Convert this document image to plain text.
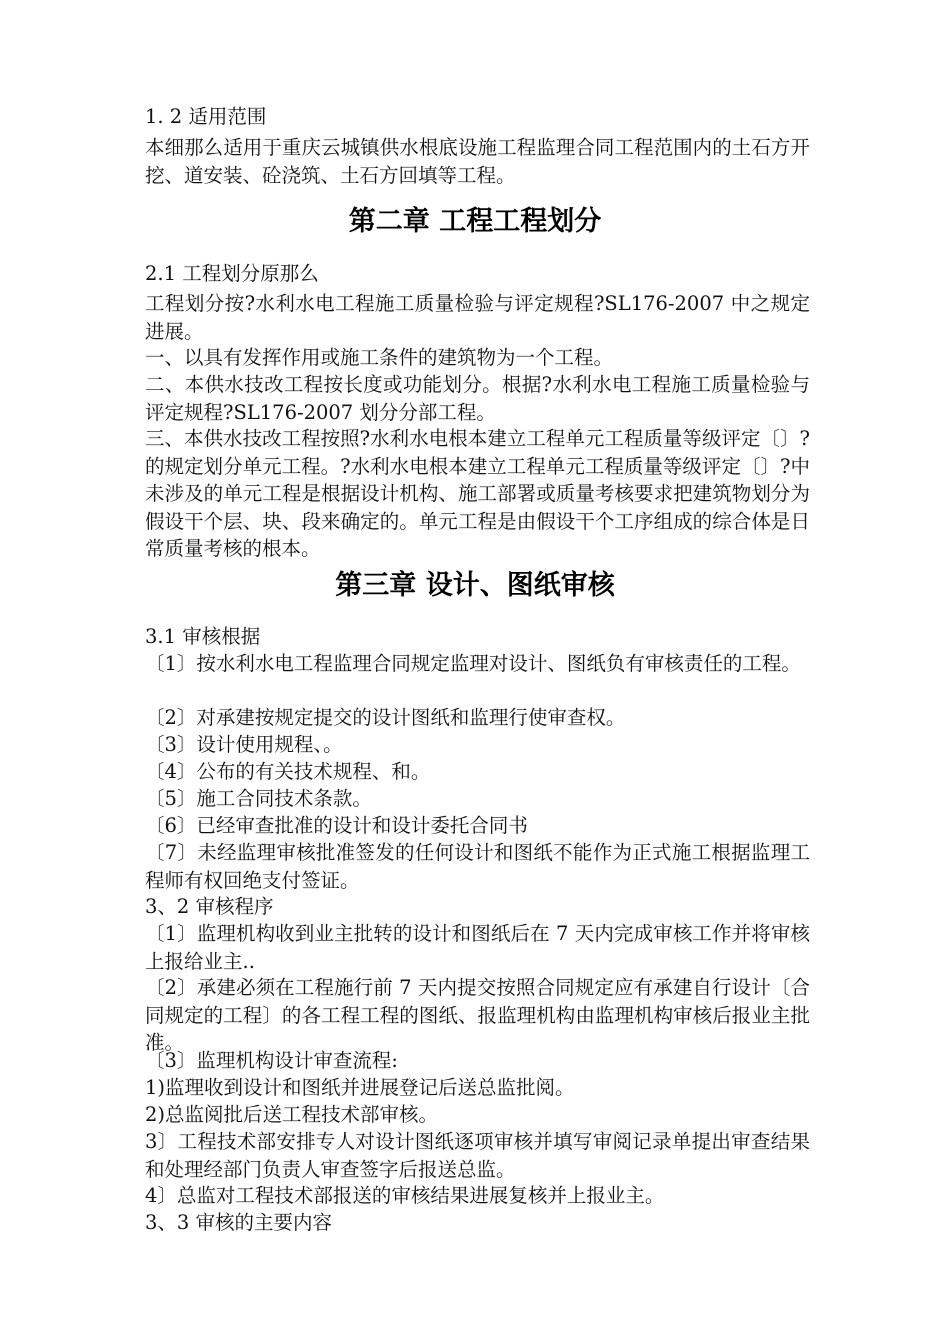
1. 2 适用范围
本细那么适用于重庆云城镇供水根底设施工程监理合同工程范围内的土石方开挖、道安装、砼浇筑、土石方回填等工程。
第二章 工程工程划分
2.1 工程划分原那么
工程划分按?水利水电工程施工质量检验与评定规程?SL176-2007 中之规定进展。
一、以具有发挥作用或施工条件的建筑物为一个工程。
二、本供水技改工程按长度或功能划分。根据?水利水电工程施工质量检验与评定规程?SL176-2007 划分分部工程。
三、本供水技改工程按照?水利水电根本建立工程单元工程质量等级评定〔〕?的规定划分单元工程。?水利水电根本建立工程单元工程质量等级评定〔〕?中未涉及的单元工程是根据设计机构、施工部署或质量考核要求把建筑物划分为假设干个层、块、段来确定的。单元工程是由假设干个工序组成的综合体是日常质量考核的根本。
第三章 设计、图纸审核
3.1 审核根据
〔1〕按水利水电工程监理合同规定监理对设计、图纸负有审核责任的工程。
〔2〕对承建按规定提交的设计图纸和监理行使审查权。
〔3〕设计使用规程、。
〔4〕公布的有关技术规程、和。
〔5〕施工合同技术条款。
〔6〕已经审查批准的设计和设计委托合同书
〔7〕未经监理审核批准签发的任何设计和图纸不能作为正式施工根据监理工程师有权回绝支付签证。
3、2 审核程序
〔1〕监理机构收到业主批转的设计和图纸后在 7 天内完成审核工作并将审核上报给业主..
〔2〕承建必须在工程施行前 7 天内提交按照合同规定应有承建自行设计〔合同规定的工程〕的各工程工程的图纸、报监理机构由监理机构审核后报业主批准。
〔3〕监理机构设计审查流程:
1)监理收到设计和图纸并进展登记后送总监批阅。
2)总监阅批后送工程技术部审核。
3〕工程技术部安排专人对设计图纸逐项审核并填写审阅记录单提出审查结果和处理经部门负责人审查签字后报送总监。
4〕总监对工程技术部报送的审核结果进展复核并上报业主。
3、3 审核的主要内容
